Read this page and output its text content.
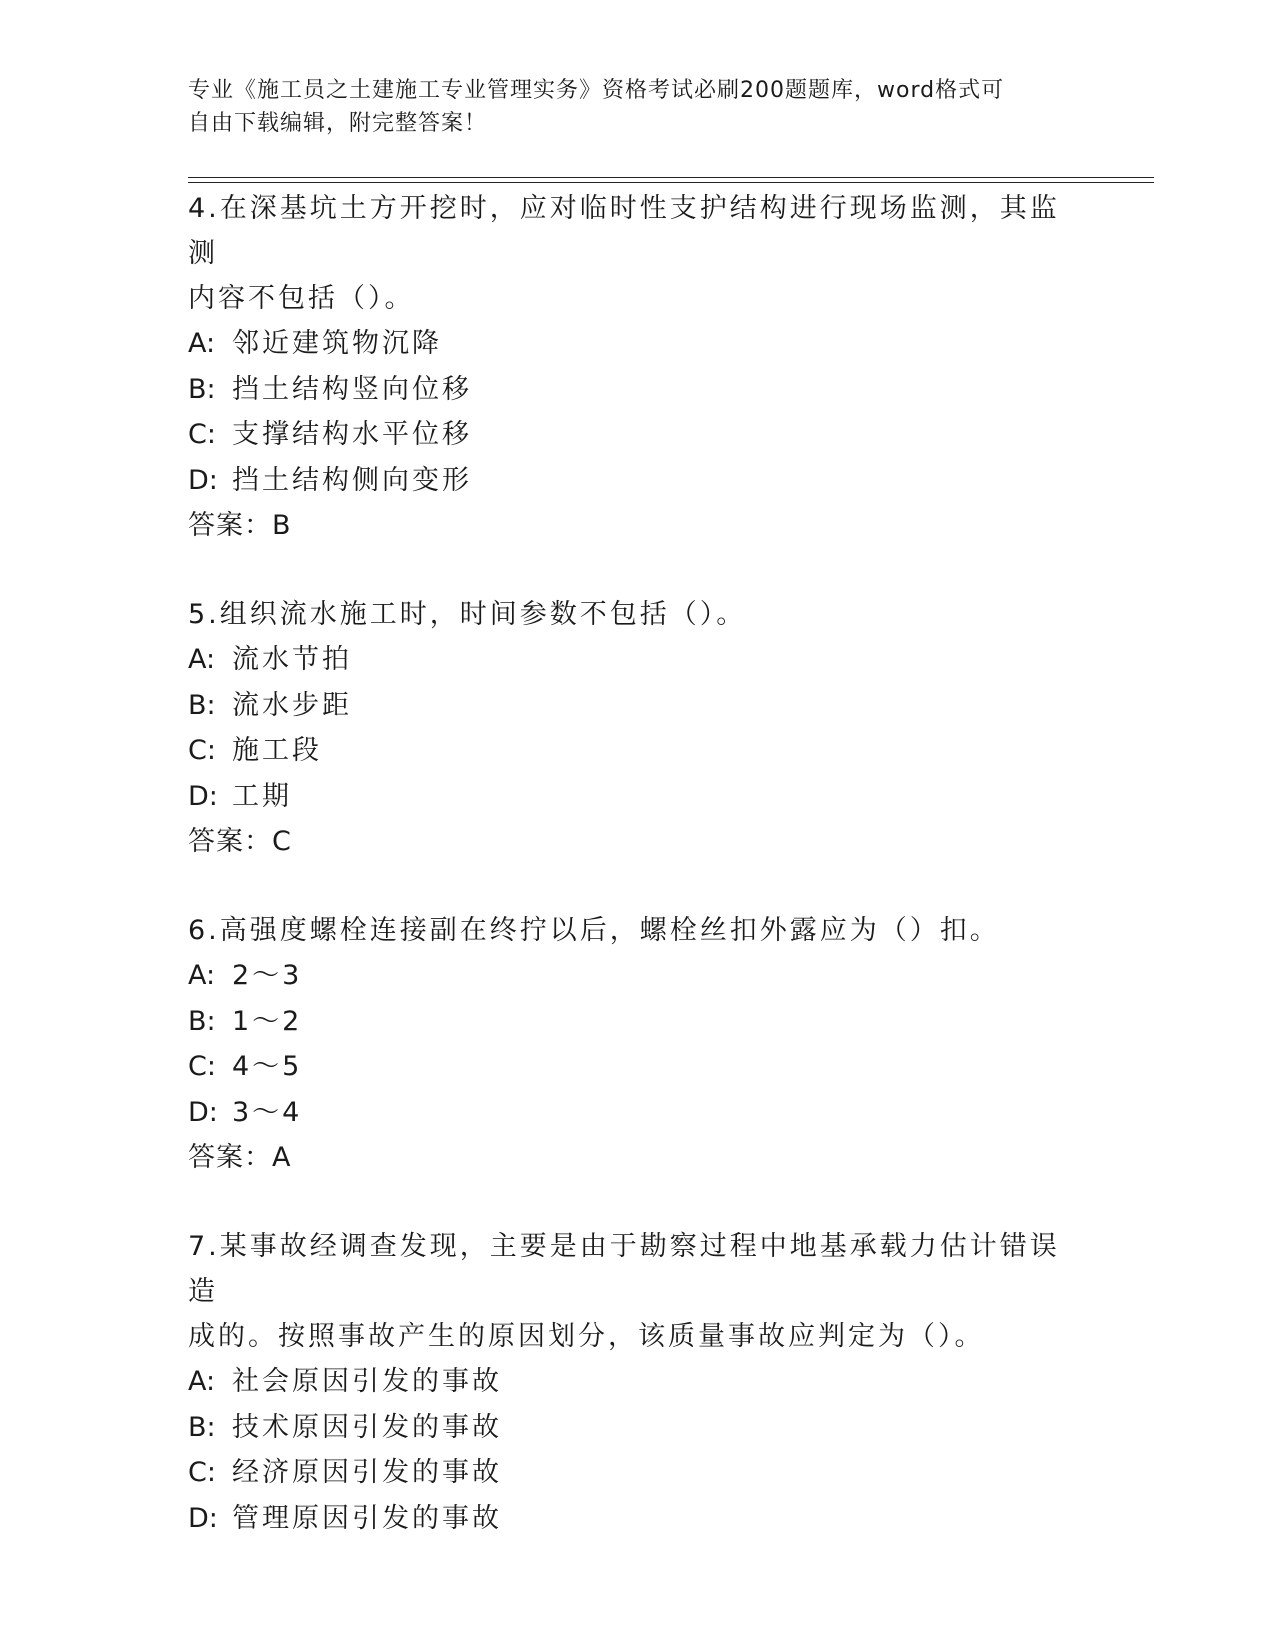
专业《施工员之土建施工专业管理实务》资格考试必刷200题题库，word格式可
自由下载编辑，附完整答案！
4.在深基坑土方开挖时，应对临时性支护结构进行现场监测，其监测
内容不包括（）。
A: 邻近建筑物沉降
B: 挡土结构竖向位移
C: 支撑结构水平位移
D: 挡土结构侧向变形
答案：B
5.组织流水施工时，时间参数不包括（）。
A: 流水节拍
B: 流水步距
C: 施工段
D: 工期
答案：C
6.高强度螺栓连接副在终拧以后，螺栓丝扣外露应为（）扣。
A: 2～3
B: 1～2
C: 4～5
D: 3～4
答案：A
7.某事故经调查发现，主要是由于勘察过程中地基承载力估计错误造
成的。按照事故产生的原因划分，该质量事故应判定为（）。
A: 社会原因引发的事故
B: 技术原因引发的事故
C: 经济原因引发的事故
D: 管理原因引发的事故
